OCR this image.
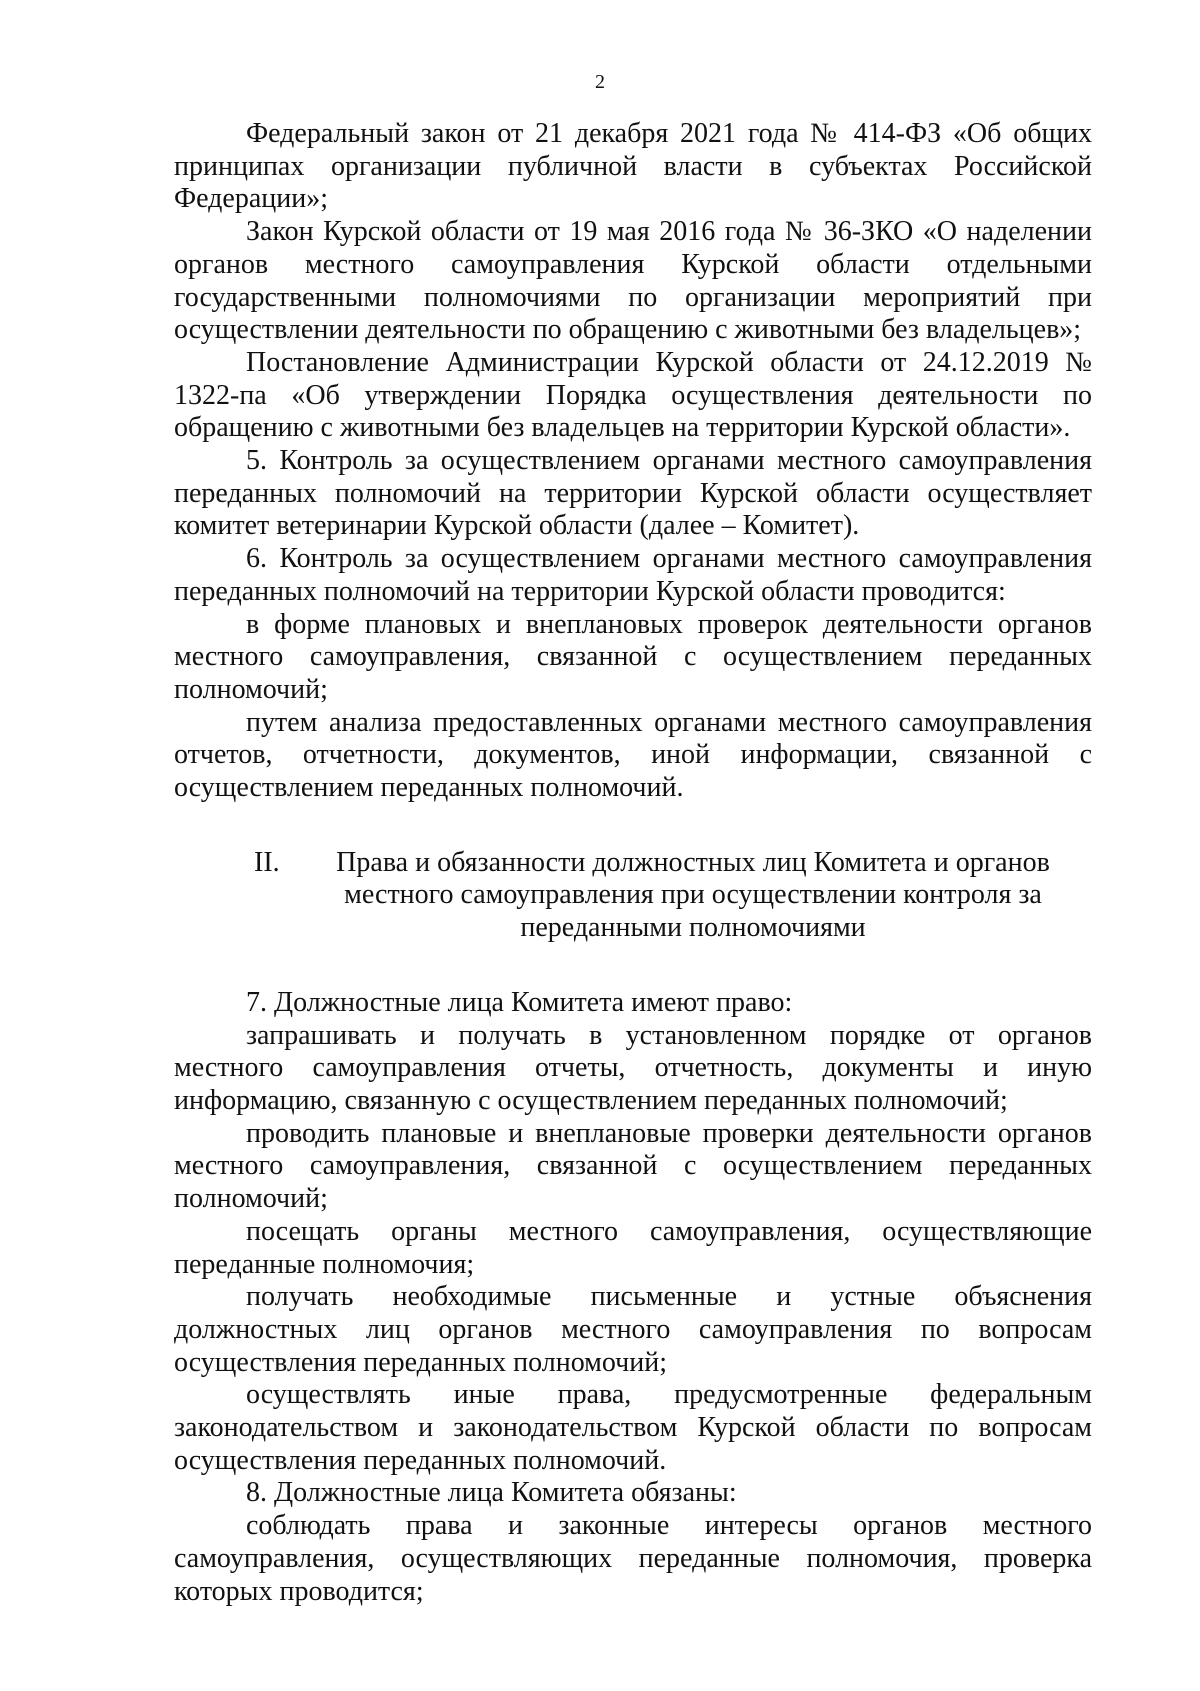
2

Федеральный закон от 21 декабря 2021 года № 414-ФЗ «Об общих принципах организации публичной власти в субъектах Российской Федерации»;

Закон Курской области от 19 мая 2016 года № 36-ЗКО «О наделении органов местного самоуправления Курской области отдельными государственными полномочиями по организации мероприятий при осуществлении деятельности по обращению с животными без владельцев»;

Постановление Администрации Курской области от 24.12.2019 № 1322-па «Об утверждении Порядка осуществления деятельности по обращению с животными без владельцев на территории Курской области».

5. Контроль за осуществлением органами местного самоуправления переданных полномочий на территории Курской области осуществляет комитет ветеринарии Курской области (далее – Комитет).

6. Контроль за осуществлением органами местного самоуправления переданных полномочий на территории Курской области проводится:

в форме плановых и внеплановых проверок деятельности органов местного самоуправления, связанной с осуществлением переданных полномочий;

путем анализа предоставленных органами местного самоуправления отчетов, отчетности, документов, иной информации, связанной с осуществлением переданных полномочий.

II.	Права и обязанности должностных лиц Комитета и органов местного самоуправления при осуществлении контроля за переданными полномочиями

7. Должностные лица Комитета имеют право:

запрашивать и получать в установленном порядке от органов местного самоуправления отчеты, отчетность, документы и иную информацию, связанную с осуществлением переданных полномочий;

проводить плановые и внеплановые проверки деятельности органов местного самоуправления, связанной с осуществлением переданных полномочий;

посещать органы местного самоуправления, осуществляющие переданные полномочия;

получать необходимые письменные и устные объяснения должностных лиц органов местного самоуправления по вопросам осуществления переданных полномочий;

осуществлять иные права, предусмотренные федеральным законодательством и законодательством Курской области по вопросам осуществления переданных полномочий.

8. Должностные лица Комитета обязаны:

соблюдать права и законные интересы органов местного самоуправления, осуществляющих переданные полномочия, проверка которых проводится;
